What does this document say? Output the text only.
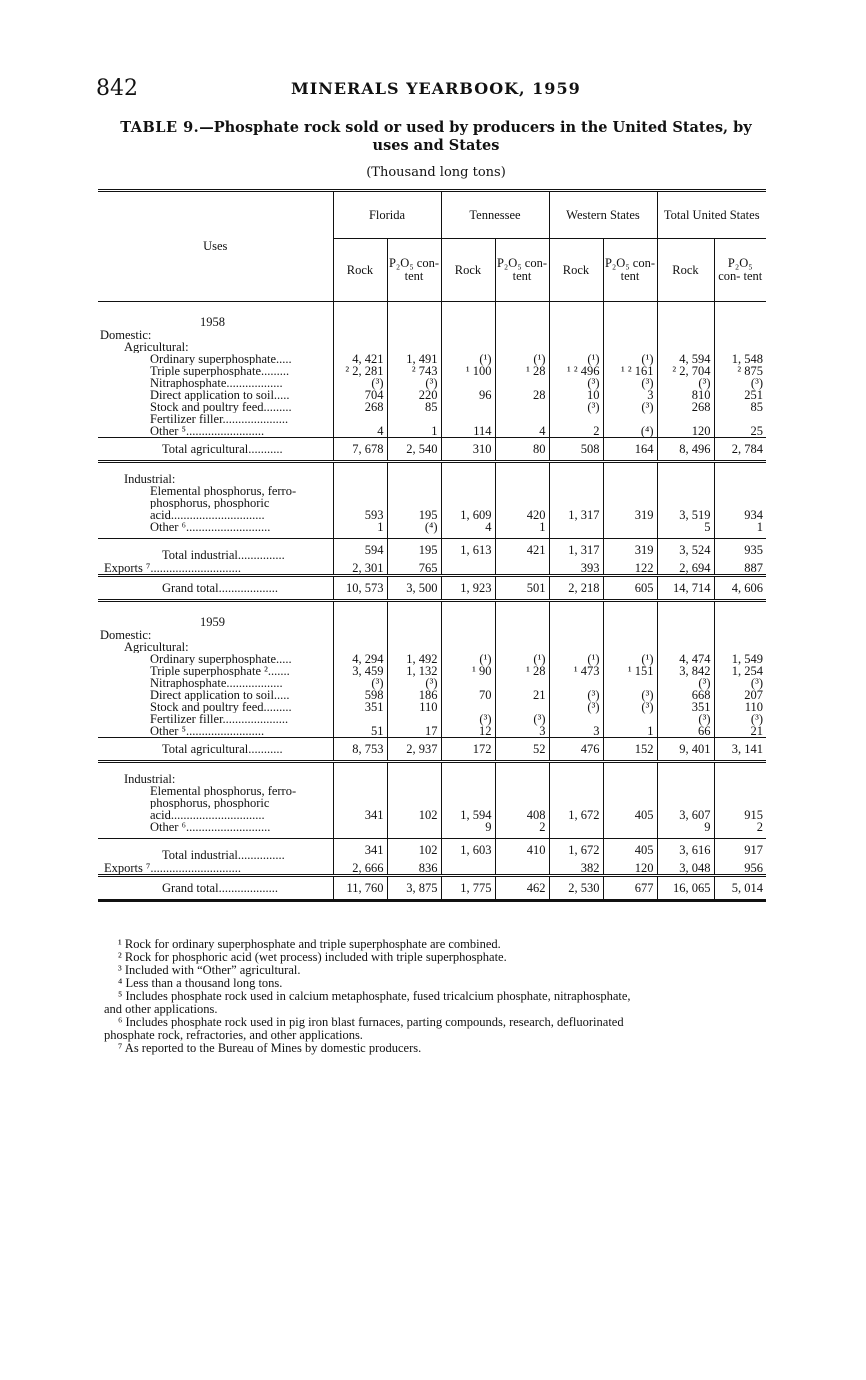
842	MINERALS YEARBOOK, 1959
TABLE 9.—Phosphate rock sold or used by producers in the United States, by
uses and States
(Thousand long tons)

Uses	Florida		Tennessee		Western States		Total United States	
	Rock	P₂O₅ con- tent	Rock	P₂O₅ con- tent	Rock	P₂O₅ con- tent	Rock	P₂O₅ con- tent

1958								
Domestic:								
Agricultural:								
Ordinary superphosphate.....	4, 421	1, 491	(¹)	(¹)	(¹)	(¹)	4, 594	1, 548
Triple superphosphate.........	² 2, 281	² 743	¹ 100	¹ 28	¹ ² 496	¹ ² 161	² 2, 704	² 875
Nitraphosphate..................	(³)	(³)			(³)	(³)	(³)	(³)
Direct application to soil.....	704	220	96	28	10	3	810	251
Stock and poultry feed.........	268	85			(³)	(³)	268	85
Fertilizer filler.....................								
Other ⁵.........................	4	1	114	4	2	(⁴)	120	25
Total agricultural...........	7, 678	2, 540	310	80	508	164	8, 496	2, 784

Industrial:								
Elemental phosphorus, ferro-								
phosphorus, phosphoric								
acid..............................	593	195	1, 609	420	1, 317	319	3, 519	934
Other ⁶...........................	1	(⁴)	4	1			5	1

Total industrial...............	594	195	1, 613	421	1, 317	319	3, 524	935
Exports ⁷.............................	2, 301	765			393	122	2, 694	887
Grand total...................	10, 573	3, 500	1, 923	501	2, 218	605	14, 714	4, 606

1959								
Domestic:								
Agricultural:								
Ordinary superphosphate.....	4, 294	1, 492	(¹)	(¹)	(¹)	(¹)	4, 474	1, 549
Triple superphosphate ².......	3, 459	1, 132	¹ 90	¹ 28	¹ 473	¹ 151	3, 842	1, 254
Nitraphosphate..................	(³)	(³)					(³)	(³)
Direct application to soil.....	598	186	70	21	(³)	(³)	668	207
Stock and poultry feed.........	351	110			(³)	(³)	351	110
Fertilizer filler.....................			(³)	(³)			(³)	(³)
Other ⁵.........................	51	17	12	3	3	1	66	21
Total agricultural...........	8, 753	2, 937	172	52	476	152	9, 401	3, 141

Industrial:								
Elemental phosphorus, ferro-								
phosphorus, phosphoric								
acid..............................	341	102	1, 594	408	1, 672	405	3, 607	915
Other ⁶...........................			9	2			9	2

Total industrial...............	341	102	1, 603	410	1, 672	405	3, 616	917
Exports ⁷.............................	2, 666	836			382	120	3, 048	956
Grand total...................	11, 760	3, 875	1, 775	462	2, 530	677	16, 065	5, 014

¹ Rock for ordinary superphosphate and triple superphosphate are combined.

² Rock for phosphoric acid (wet process) included with triple superphosphate.

³ Included with “Other” agricultural.

⁴ Less than a thousand long tons.

⁵ Includes phosphate rock used in calcium metaphosphate, fused tricalcium phosphate, nitraphosphate,

and other applications.

⁶ Includes phosphate rock used in pig iron blast furnaces, parting compounds, research, defluorinated

phosphate rock, refractories, and other applications.

⁷ As reported to the Bureau of Mines by domestic producers.
